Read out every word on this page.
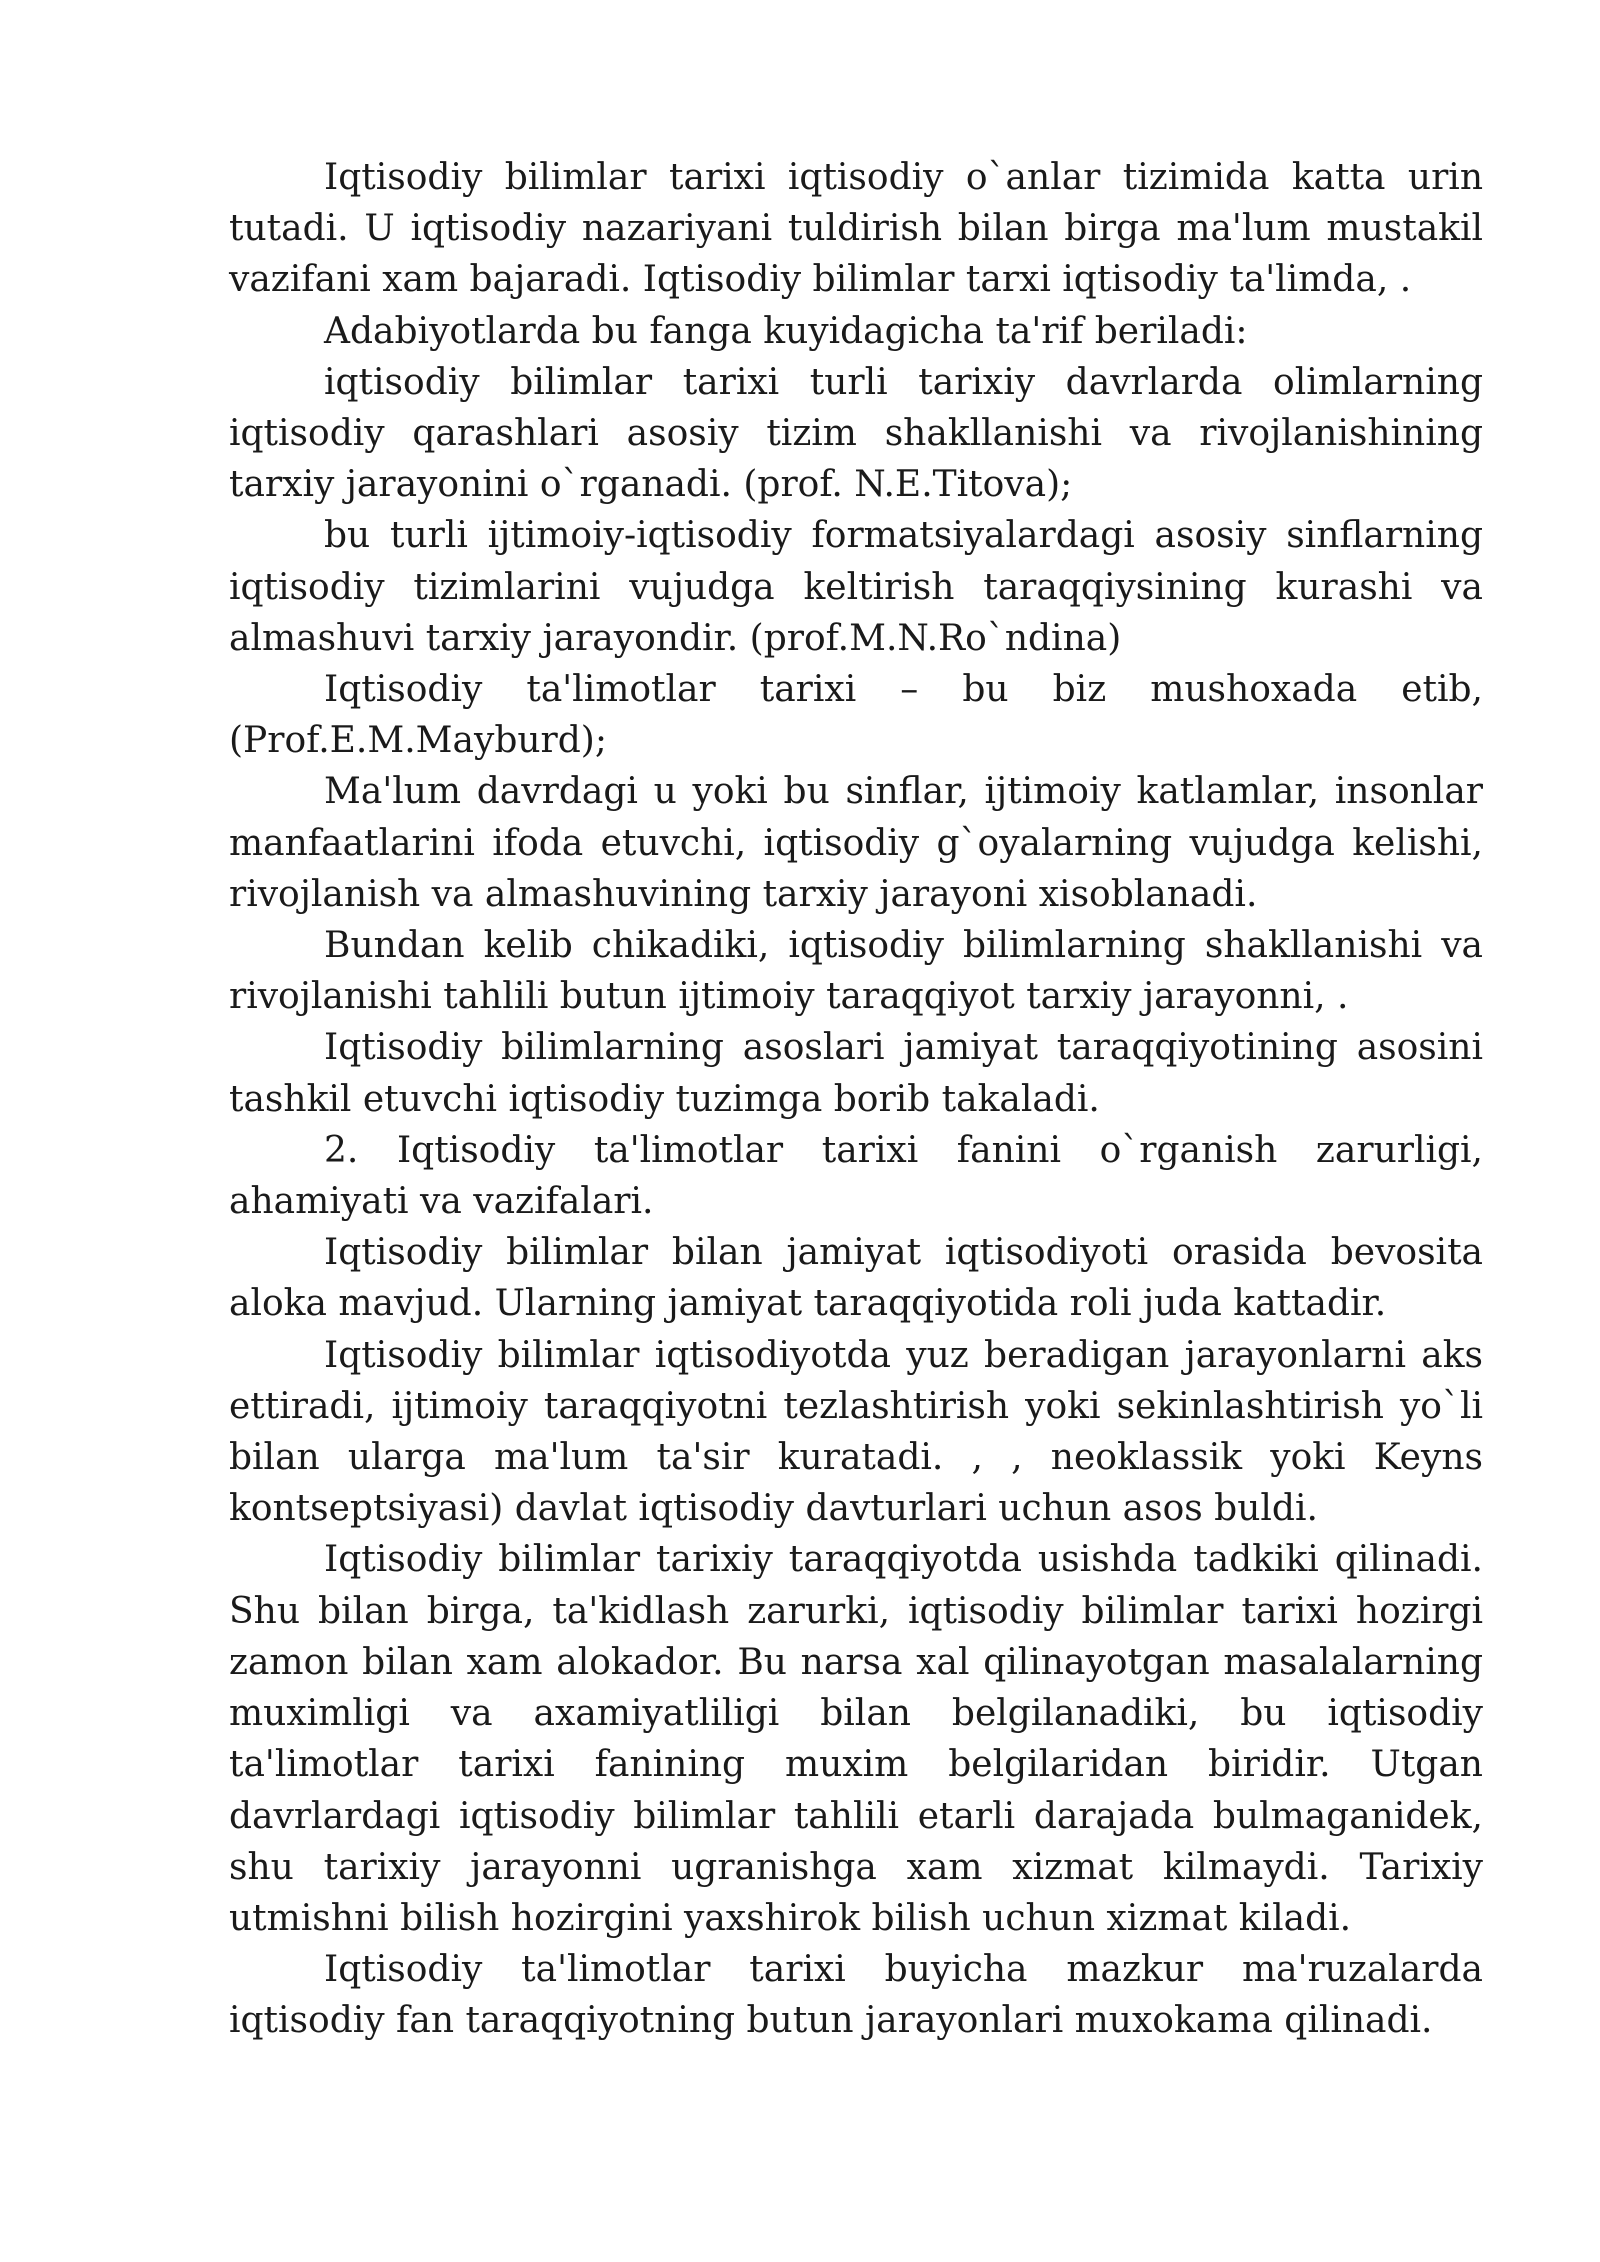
Iqtisodiy bilimlar tarixi iqtisodiy o`anlar tizimida katta urin tutadi. U iqtisodiy nazariyani tuldirish bilan birga ma'lum mustakil vazifani xam bajaradi. Iqtisodiy bilimlar tarxi iqtisodiy ta'limda, .

Adabiyotlarda bu fanga kuyidagicha ta'rif beriladi:

iqtisodiy bilimlar tarixi turli tarixiy davrlarda olimlarning iqtisodiy qarashlari asosiy tizim shakllanishi va rivojlanishining tarxiy jarayonini o`rganadi. (prof. N.E.Titova);

bu turli ijtimoiy-iqtisodiy formatsiyalardagi asosiy sinflarning iqtisodiy tizimlarini vujudga keltirish taraqqiysining kurashi va almashuvi tarxiy jarayondir. (prof.M.N.Ro`ndina)

Iqtisodiy ta'limotlar tarixi – bu biz mushoxada etib, (Prof.E.M.Mayburd);

Ma'lum davrdagi u yoki bu sinflar, ijtimoiy katlamlar, insonlar manfaatlarini ifoda etuvchi, iqtisodiy g`oyalarning vujudga kelishi, rivojlanish va almashuvining tarxiy jarayoni xisoblanadi.

Bundan kelib chikadiki, iqtisodiy bilimlarning shakllanishi va rivojlanishi tahlili butun ijtimoiy taraqqiyot tarxiy jarayonni, .

Iqtisodiy bilimlarning asoslari jamiyat taraqqiyotining asosini tashkil etuvchi iqtisodiy tuzimga borib takaladi.

2. Iqtisodiy ta'limotlar tarixi fanini o`rganish zarurligi, ahamiyati va vazifalari.

Iqtisodiy bilimlar bilan jamiyat iqtisodiyoti orasida bevosita aloka mavjud. Ularning jamiyat taraqqiyotida roli juda kattadir.

Iqtisodiy bilimlar iqtisodiyotda yuz beradigan jarayonlarni aks ettiradi, ijtimoiy taraqqiyotni tezlashtirish yoki sekinlashtirish yo`li bilan ularga ma'lum ta'sir kuratadi. , , neoklassik yoki Keyns kontseptsiyasi) davlat iqtisodiy davturlari uchun asos buldi.

Iqtisodiy bilimlar tarixiy taraqqiyotda usishda tadkiki qilinadi. Shu bilan birga, ta'kidlash zarurki, iqtisodiy bilimlar tarixi hozirgi zamon bilan xam alokador. Bu narsa xal qilinayotgan masalalarning muximligi va axamiyatliligi bilan belgilanadiki, bu iqtisodiy ta'limotlar tarixi fanining muxim belgilaridan biridir. Utgan davrlardagi iqtisodiy bilimlar tahlili etarli darajada bulmaganidek, shu tarixiy jarayonni ugranishga xam xizmat kilmaydi. Tarixiy utmishni bilish hozirgini yaxshirok bilish uchun xizmat kiladi.

Iqtisodiy ta'limotlar tarixi buyicha mazkur ma'ruzalarda iqtisodiy fan taraqqiyotning butun jarayonlari muxokama qilinadi.
